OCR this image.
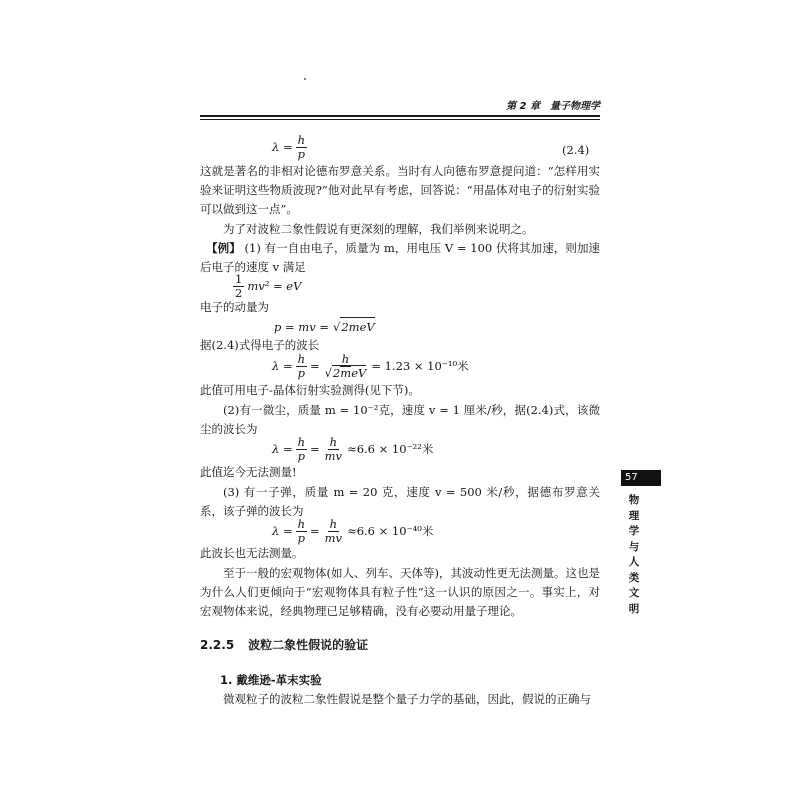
第 2 章　量子物理学
$\lambda = \frac{h}{p}$	(2.4)
这就是著名的非相对论德布罗意关系。当时有人向德布罗意提问道：“怎样用实验来证明这些物质波现?”他对此早有考虑，回答说：“用晶体对电子的衍射实验可以做到这一点”。
为了对波粒二象性假说有更深刻的理解，我们举例来说明之。
【例】 (1) 有一自由电子，质量为 m，用电压 V = 100 伏将其加速，则加速后电子的速度 v 满足
$\frac{1}{2} mv^2$ = eV
电子的动量为
p = mv = √ 2meV
据(2.4)式得电子的波长
$\lambda = \frac{h}{p} = \frac{h}{\text{√2meV}} = 1.23 \times 10^{-10}$米
此值可用电子-晶体衍射实验测得(见下节)。
(2)有一微尘，质量 m = 10⁻²克，速度 v = 1 厘米/秒，据(2.4)式，该微尘的波长为
$\lambda = \frac{h}{p} = \frac{h}{mv} \approx 6.6 \times 10^{-22}$米
此值迄今无法测量!
(3) 有一子弹，质量 m = 20 克，速度 v = 500 米/秒，据德布罗意关系，该子弹的波长为
$\lambda = \frac{h}{p} = \frac{h}{mv} \approx 6.6 \times 10^{-40}$米
此波长也无法测量。
至于一般的宏观物体(如人、列车、天体等)，其波动性更无法测量。这也是为什么人们更倾向于“宏观物体具有粒子性”这一认识的原因之一。事实上，对宏观物体来说，经典物理已足够精确，没有必要动用量子理论。
2.2.5 波粒二象性假说的验证
1. 戴维逊-革末实验
微观粒子的波粒二象性假说是整个量子力学的基础，因此，假说的正确与
57
物理学与人类文明
